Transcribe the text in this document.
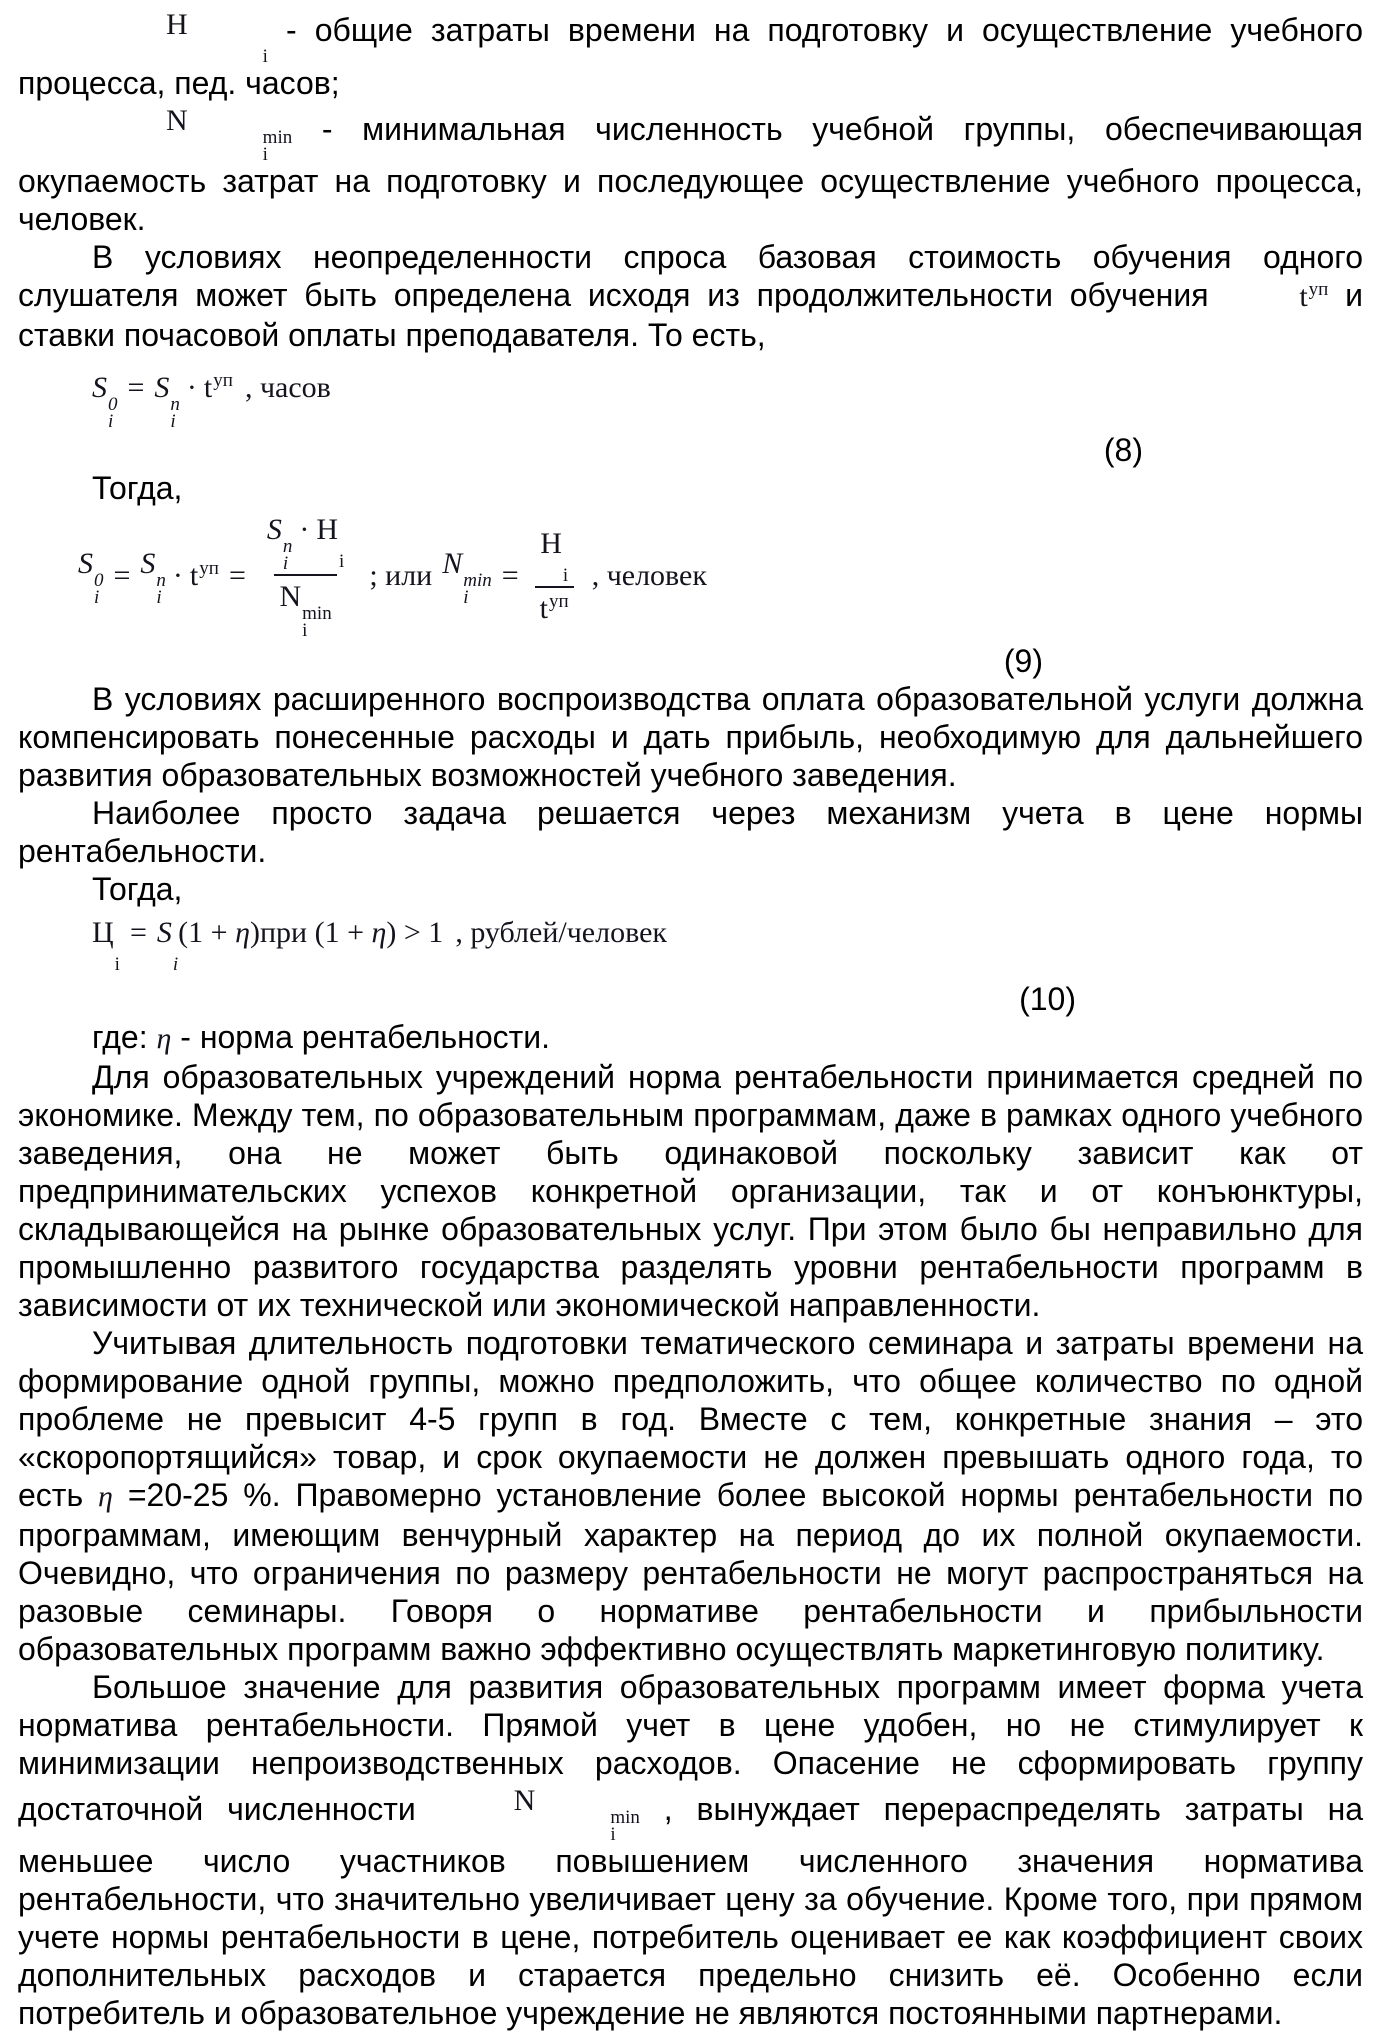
H
i
- общие затраты времени на подготовку и осуществление учебного процесса, пед. часов;

N
min
i
- минимальная численность учебной группы, обеспечивающая окупаемость затрат на подготовку и последующее осуществление учебного процесса, человек.

В условиях неопределенности спроса базовая стоимость обучения одного слушателя может быть определена исходя из продолжительности обучения	$t^{уп}$ и ставки почасовой оплаты преподавателя. То есть,

S
0
i
= S
n
i
· $t^{уп}$ , часов
(8)

Тогда,

S
0
i
= S
n
i
· $t^{уп} = S$
n
i
· H
i
N
min
i ; или N
min
i
= H
i
$t^{уп}$ , человек
(9)

В условиях расширенного воспроизводства оплата образовательной услуги должна компенсировать понесенные расходы и дать прибыль, необходимую для дальнейшего развития образовательных возможностей учебного заведения.

Наиболее просто задача решается через механизм учета в цене нормы рентабельности.

Тогда,

Ц
i
= S
i
(1 + η)при (1 + η) > 1 , рублей/человек
(10)

где: η - норма рентабельности.

Для образовательных учреждений норма рентабельности принимается средней по экономике. Между тем, по образовательным программам, даже в рамках одного учебного заведения, она не может быть одинаковой поскольку зависит как от предпринимательских успехов конкретной организации, так и от конъюнктуры, складывающейся на рынке образовательных услуг. При этом было бы неправильно для промышленно развитого государства разделять уровни рентабельности программ в зависимости от их технической или экономической направленности.

Учитывая длительность подготовки тематического семинара и затраты времени на формирование одной группы, можно предположить, что общее количество по одной проблеме не превысит 4-5 групп в год. Вместе с тем, конкретные знания – это «скоропортящийся» товар, и срок окупаемости не должен превышать одного года, то есть η =20-25 %. Правомерно установление более высокой нормы рентабельности по программам, имеющим венчурный характер на период до их полной окупаемости. Очевидно, что ограничения по размеру рентабельности не могут распространяться на разовые семинары. Говоря о нормативе рентабельности и прибыльности образовательных программ важно эффективно осуществлять маркетинговую политику.

Большое значение для развития образовательных программ имеет форма учета норматива рентабельности. Прямой учет в цене удобен, но не стимулирует к минимизации непроизводственных расходов. Опасение не сформировать группу достаточной численности	N
min
i
, вынуждает перераспределять затраты на меньшее число участников повышением численного значения норматива рентабельности, что значительно увеличивает цену за обучение. Кроме того, при прямом учете нормы рентабельности в цене, потребитель оценивает ее как коэффициент своих дополнительных расходов и старается предельно снизить её. Особенно если потребитель и образовательное учреждение не являются постоянными партнерами.
